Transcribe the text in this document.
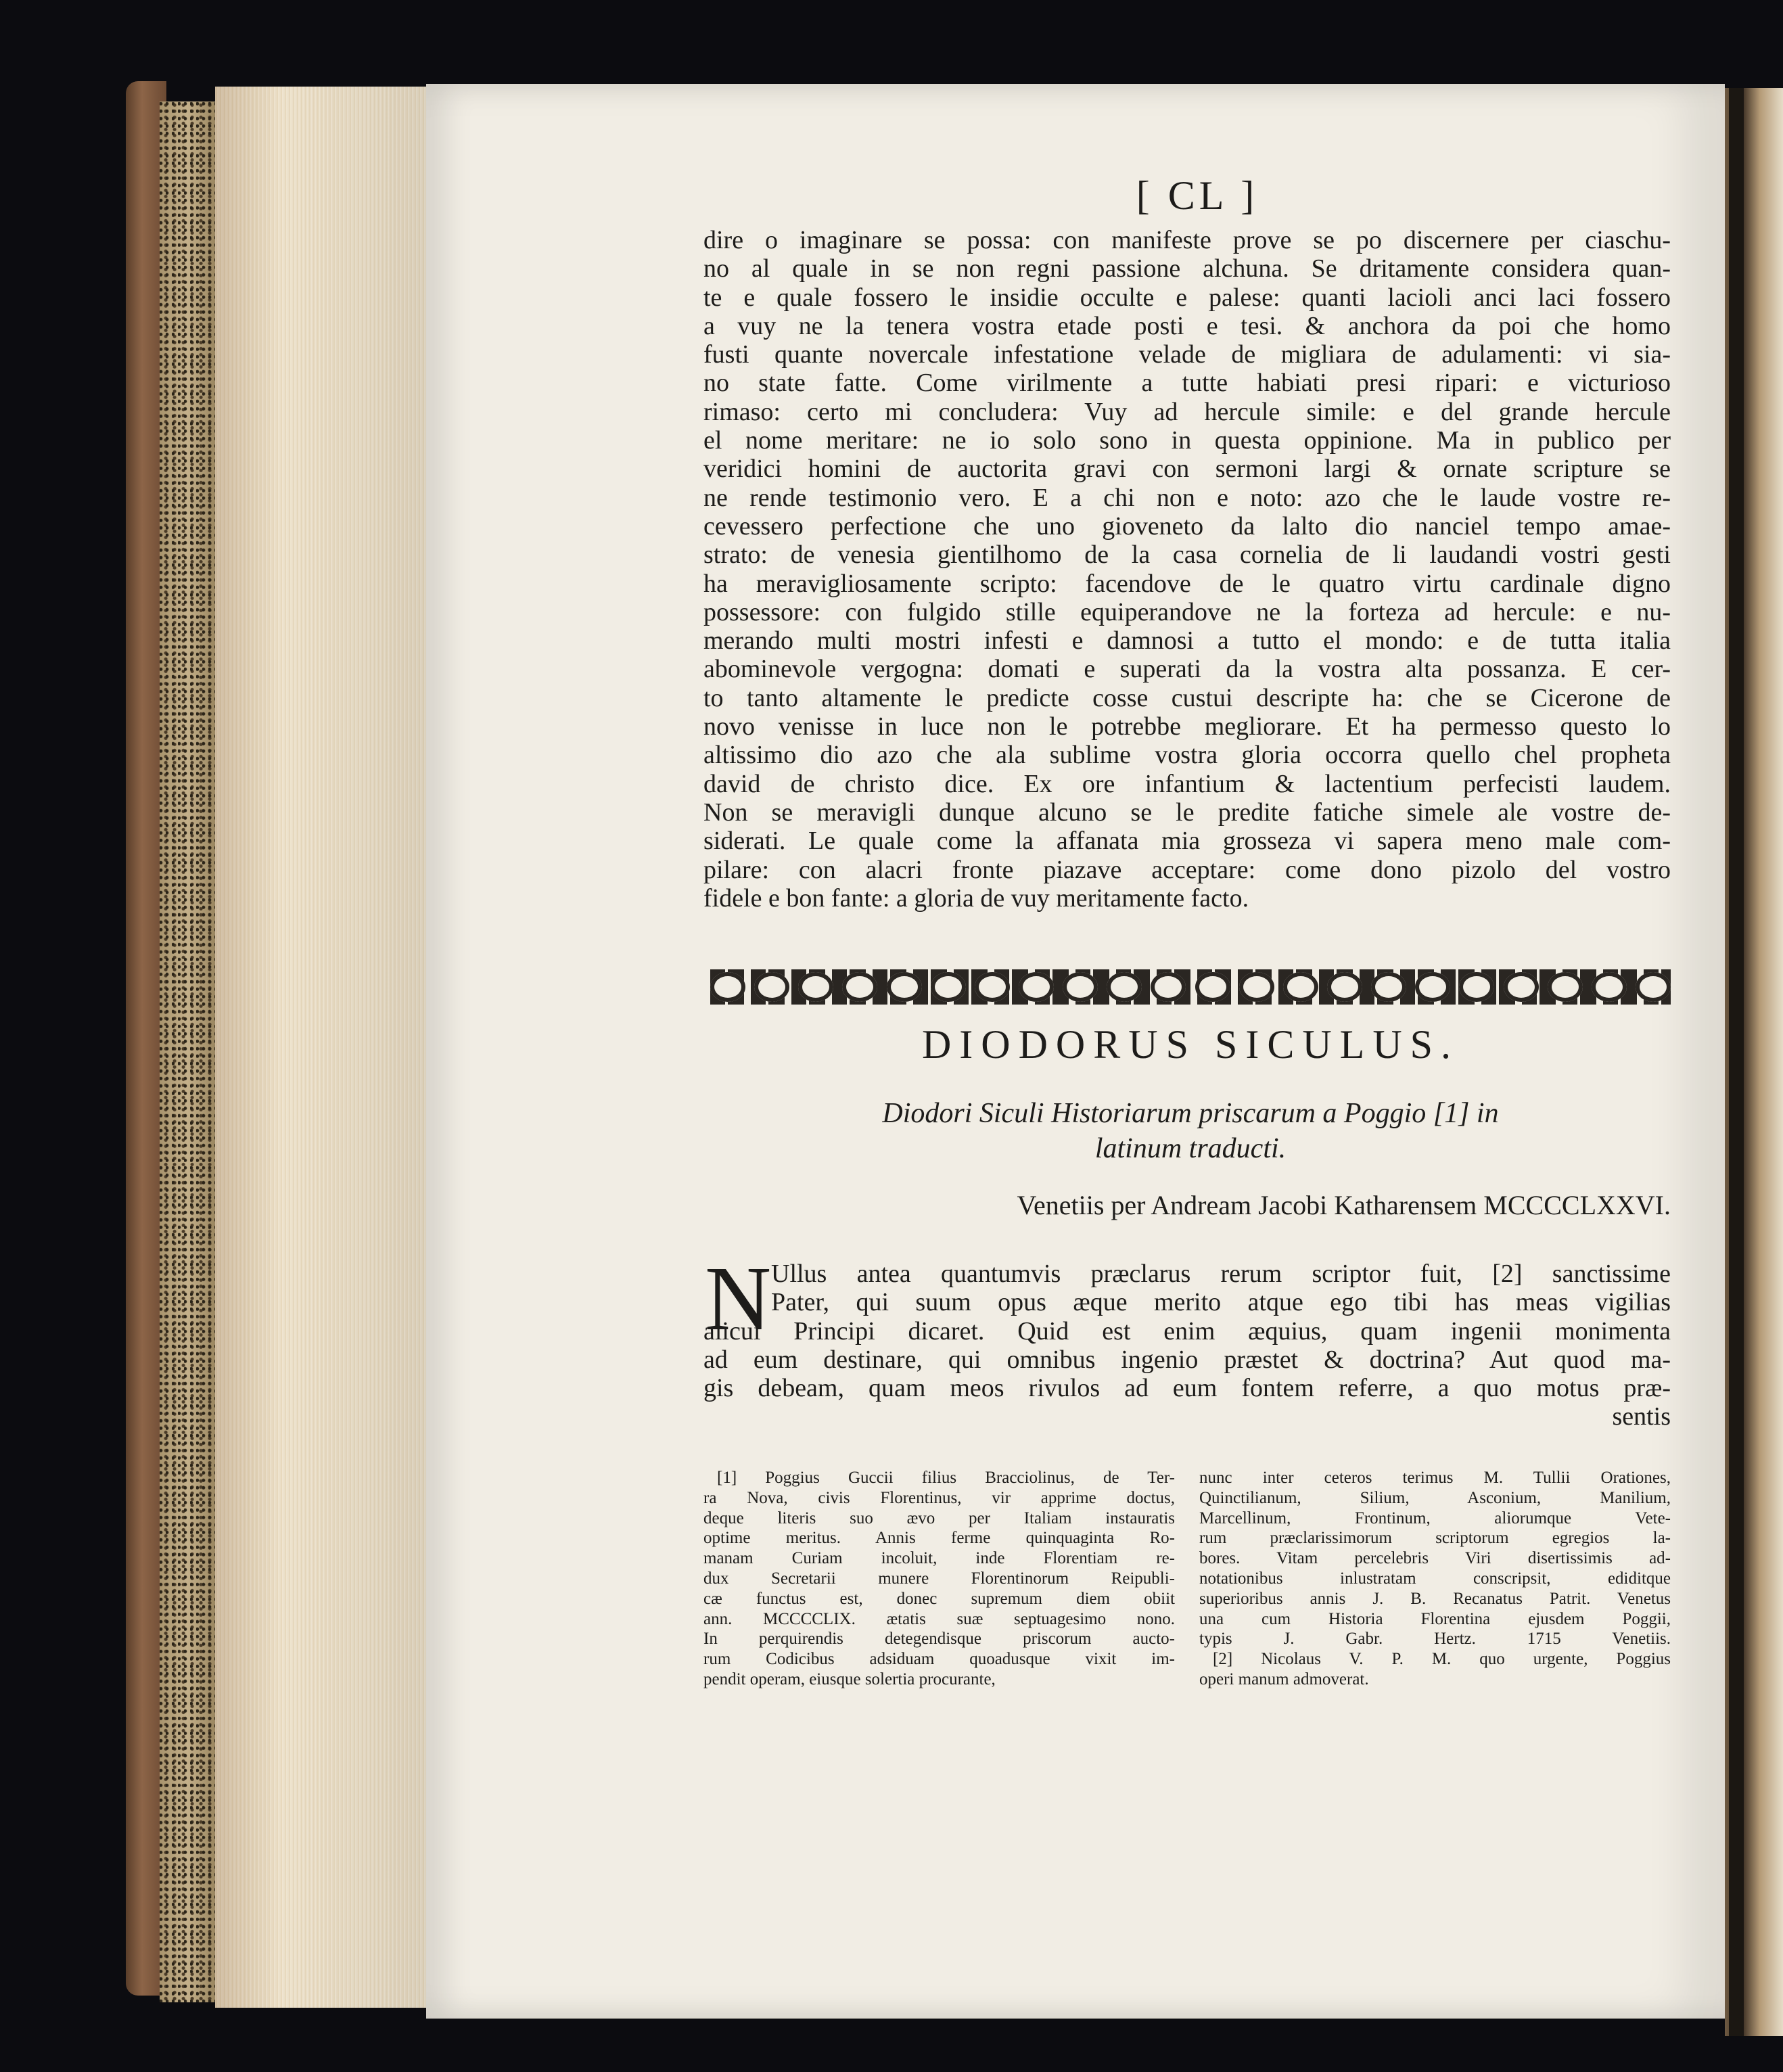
[ CL ]
dire o imaginare se possa: con manifeste prove se po discernere per ciaschu-
no al quale in se non regni passione alchuna. Se dritamente considera quan-
te e quale fossero le insidie occulte e palese: quanti lacioli anci laci fossero
a vuy ne la tenera vostra etade posti e tesi. & anchora da poi che homo
fusti quante novercale infestatione velade de migliara de adulamenti: vi sia-
no state fatte. Come virilmente a tutte habiati presi ripari: e victurioso
rimaso: certo mi concludera: Vuy ad hercule simile: e del grande hercule
el nome meritare: ne io solo sono in questa oppinione. Ma in publico per
veridici homini de auctorita gravi con sermoni largi & ornate scripture se
ne rende testimonio vero. E a chi non e noto: azo che le laude vostre re-
cevessero perfectione che uno gioveneto da lalto dio nanciel tempo amae-
strato: de venesia gientilhomo de la casa cornelia de li laudandi vostri gesti
ha meravigliosamente scripto: facendove de le quatro virtu cardinale digno
possessore: con fulgido stille equiperandove ne la forteza ad hercule: e nu-
merando multi mostri infesti e damnosi a tutto el mondo: e de tutta italia
abominevole vergogna: domati e superati da la vostra alta possanza. E cer-
to tanto altamente le predicte cosse custui descripte ha: che se Cicerone de
novo venisse in luce non le potrebbe megliorare. Et ha permesso questo lo
altissimo dio azo che ala sublime vostra gloria occorra quello chel propheta
david de christo dice. Ex ore infantium & lactentium perfecisti laudem.
Non se meravigli dunque alcuno se le predite fatiche simele ale vostre de-
siderati. Le quale come la affanata mia grosseza vi sapera meno male com-
pilare: con alacri fronte piazave acceptare: come dono pizolo del vostro
fidele e bon fante: a gloria de vuy meritamente facto.
DIODORUS SICULUS.
Diodori Siculi Historiarum priscarum a Poggio [1] in
latinum traducti.
Venetiis per Andream Jacobi Katharensem MCCCCLXXVI.
N Ullus antea quantumvis præclarus rerum scriptor fuit, [2] sanctissime
Pater, qui suum opus æque merito atque ego tibi has meas vigilias
alicui Principi dicaret. Quid est enim æquius, quam ingenii monimenta
ad eum destinare, qui omnibus ingenio præstet & doctrina? Aut quod ma-
gis debeam, quam meos rivulos ad eum fontem referre, a quo motus præ-
sentis
[1] Poggius Guccii filius Bracciolinus, de Ter-
ra Nova, civis Florentinus, vir apprime doctus,
deque literis suo ævo per Italiam instauratis
optime meritus. Annis ferme quinquaginta Ro-
manam Curiam incoluit, inde Florentiam re-
dux Secretarii munere Florentinorum Reipubli-
cæ functus est, donec supremum diem obiit
ann. MCCCCLIX. ætatis suæ septuagesimo nono.
In perquirendis detegendisque priscorum aucto-
rum Codicibus adsiduam quoadusque vixit im-
pendit operam, eiusque solertia procurante,
nunc inter ceteros terimus M. Tullii Orationes,
Quinctilianum, Silium, Asconium, Manilium,
Marcellinum, Frontinum, aliorumque Vete-
rum præclarissimorum scriptorum egregios la-
bores. Vitam percelebris Viri disertissimis ad-
notationibus inlustratam conscripsit, ediditque
superioribus annis J. B. Recanatus Patrit. Venetus
una cum Historia Florentina ejusdem Poggii,
typis J. Gabr. Hertz. 1715 Venetiis.
[2] Nicolaus V. P. M. quo urgente, Poggius
operi manum admoverat.
